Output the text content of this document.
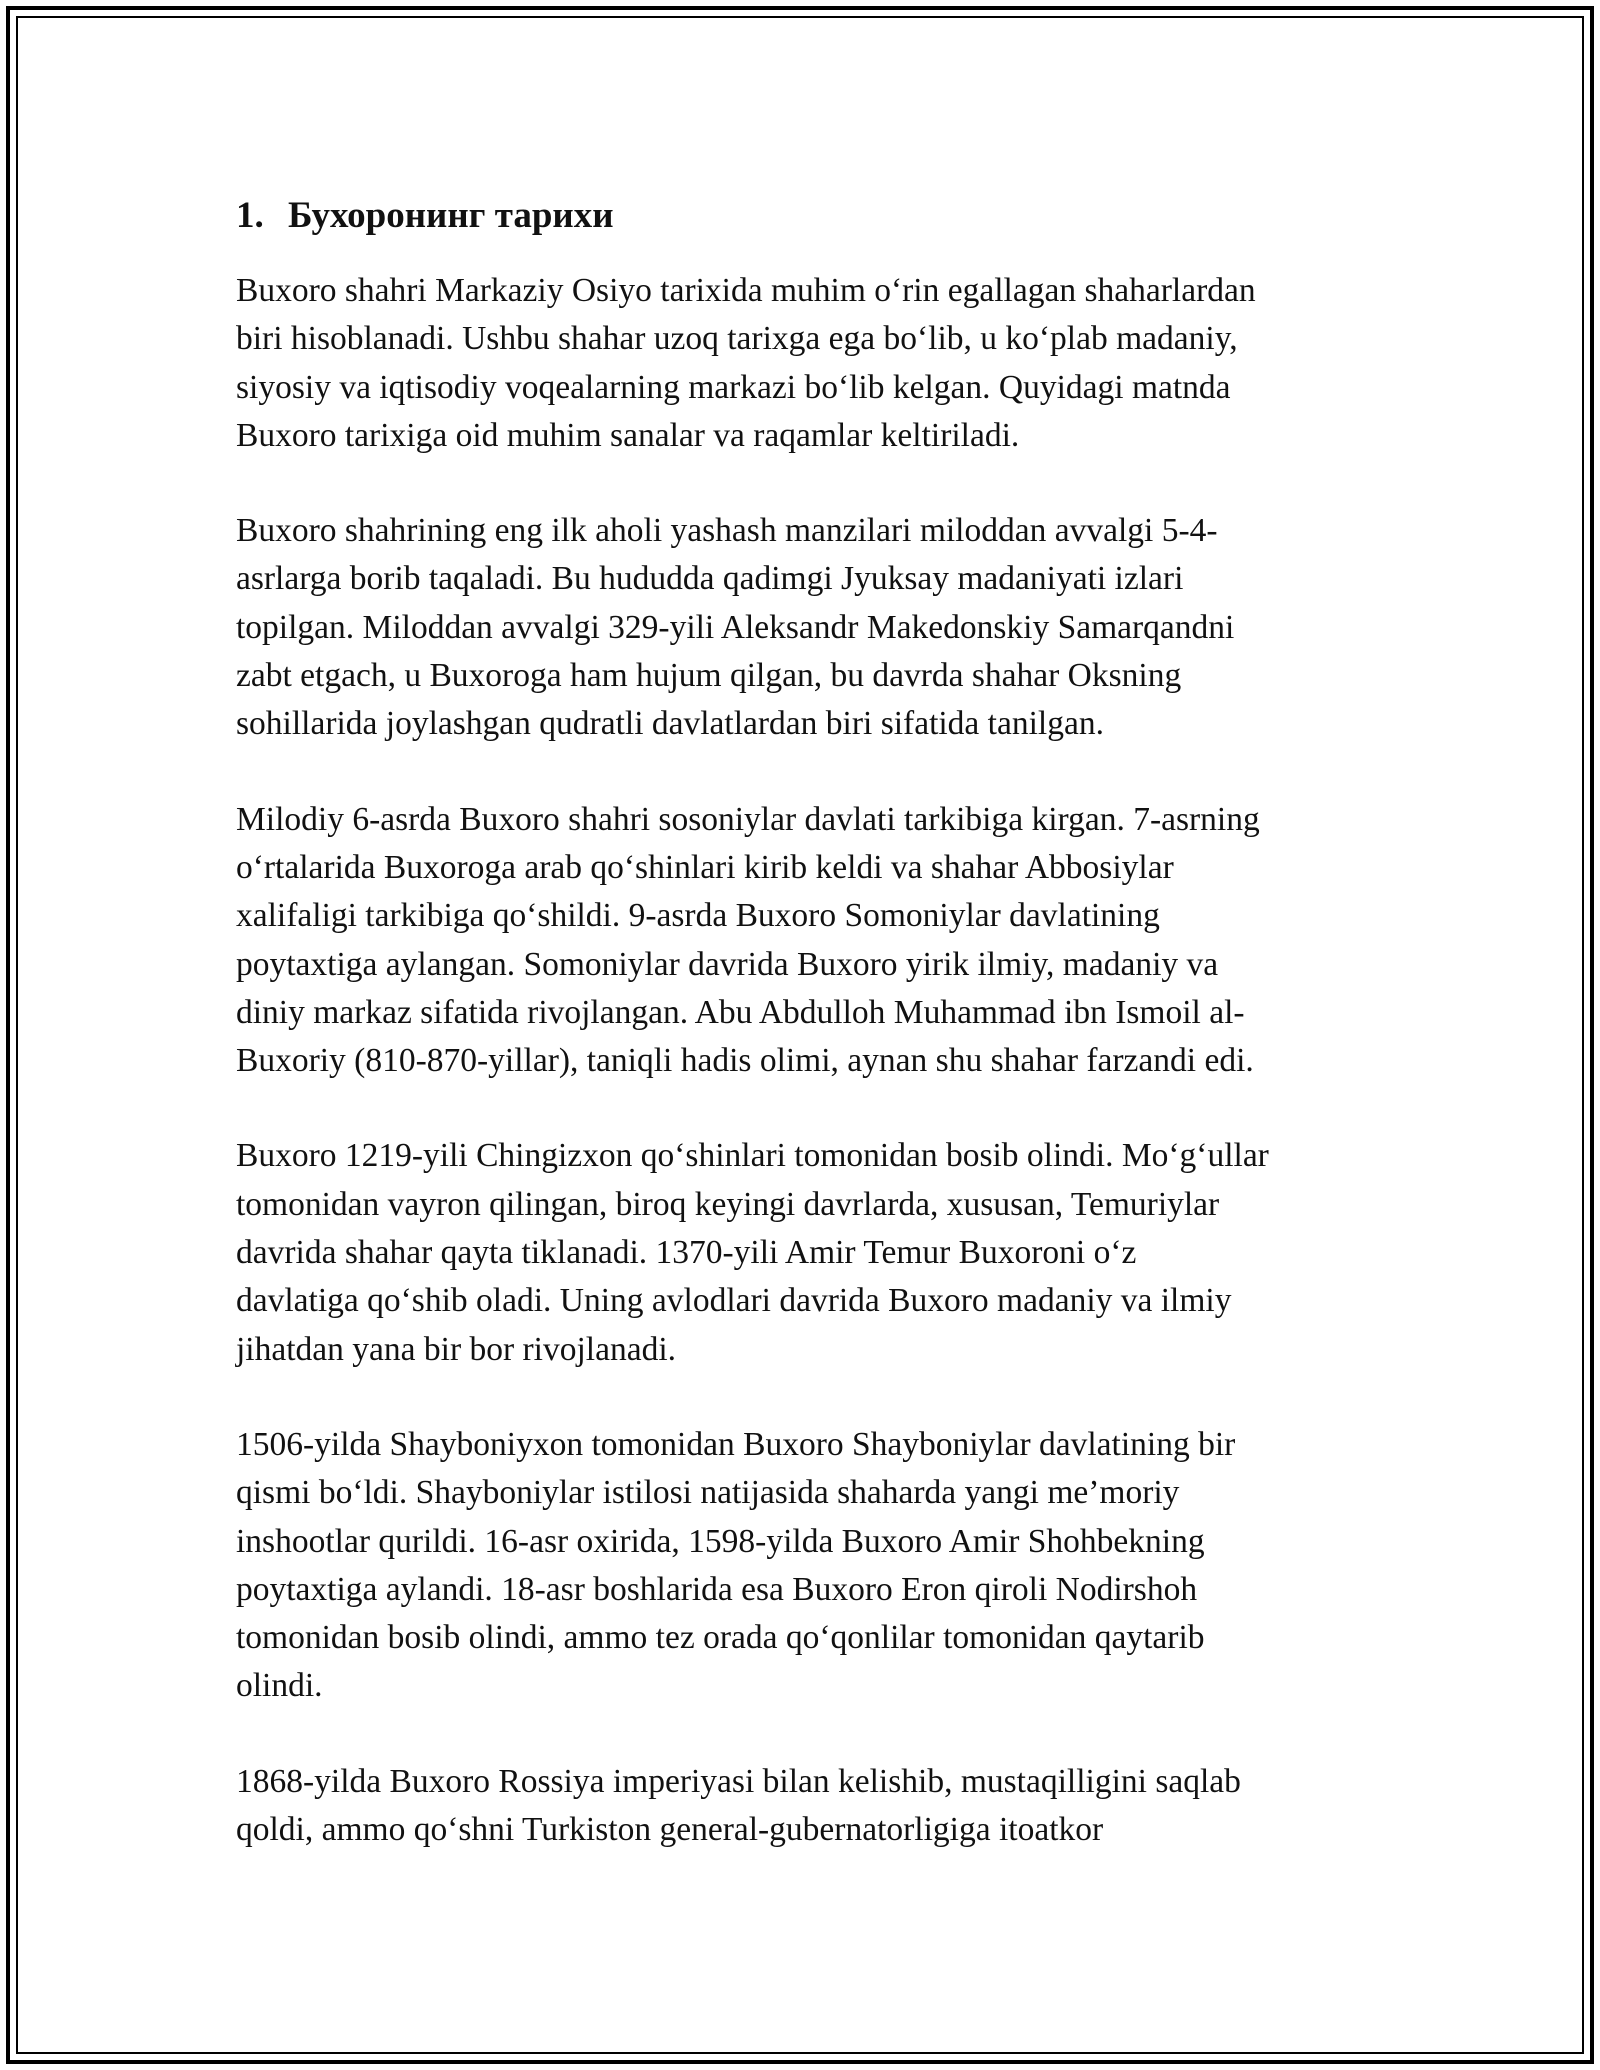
1. Бухоронинг тарихи

Buxoro shahri Markaziy Osiyo tarixida muhim o‘rin egallagan shaharlardan
biri hisoblanadi. Ushbu shahar uzoq tarixga ega bo‘lib, u ko‘plab madaniy,
siyosiy va iqtisodiy voqealarning markazi bo‘lib kelgan. Quyidagi matnda
Buxoro tarixiga oid muhim sanalar va raqamlar keltiriladi.

Buxoro shahrining eng ilk aholi yashash manzilari miloddan avvalgi 5-4-
asrlarga borib taqaladi. Bu hududda qadimgi Jyuksay madaniyati izlari
topilgan. Miloddan avvalgi 329-yili Aleksandr Makedonskiy Samarqandni
zabt etgach, u Buxoroga ham hujum qilgan, bu davrda shahar Oksning
sohillarida joylashgan qudratli davlatlardan biri sifatida tanilgan.

Milodiy 6-asrda Buxoro shahri sosoniylar davlati tarkibiga kirgan. 7-asrning
o‘rtalarida Buxoroga arab qo‘shinlari kirib keldi va shahar Abbosiylar
xalifaligi tarkibiga qo‘shildi. 9-asrda Buxoro Somoniylar davlatining
poytaxtiga aylangan. Somoniylar davrida Buxoro yirik ilmiy, madaniy va
diniy markaz sifatida rivojlangan. Abu Abdulloh Muhammad ibn Ismoil al-
Buxoriy (810-870-yillar), taniqli hadis olimi, aynan shu shahar farzandi edi.

Buxoro 1219-yili Chingizxon qo‘shinlari tomonidan bosib olindi. Mo‘g‘ullar
tomonidan vayron qilingan, biroq keyingi davrlarda, xususan, Temuriylar
davrida shahar qayta tiklanadi. 1370-yili Amir Temur Buxoroni o‘z
davlatiga qo‘shib oladi. Uning avlodlari davrida Buxoro madaniy va ilmiy
jihatdan yana bir bor rivojlanadi.

1506-yilda Shayboniyxon tomonidan Buxoro Shayboniylar davlatining bir
qismi bo‘ldi. Shayboniylar istilosi natijasida shaharda yangi me’moriy
inshootlar qurildi. 16-asr oxirida, 1598-yilda Buxoro Amir Shohbekning
poytaxtiga aylandi. 18-asr boshlarida esa Buxoro Eron qiroli Nodirshoh
tomonidan bosib olindi, ammo tez orada qo‘qonlilar tomonidan qaytarib
olindi.

1868-yilda Buxoro Rossiya imperiyasi bilan kelishib, mustaqilligini saqlab
qoldi, ammo qo‘shni Turkiston general-gubernatorligiga itoatkor
